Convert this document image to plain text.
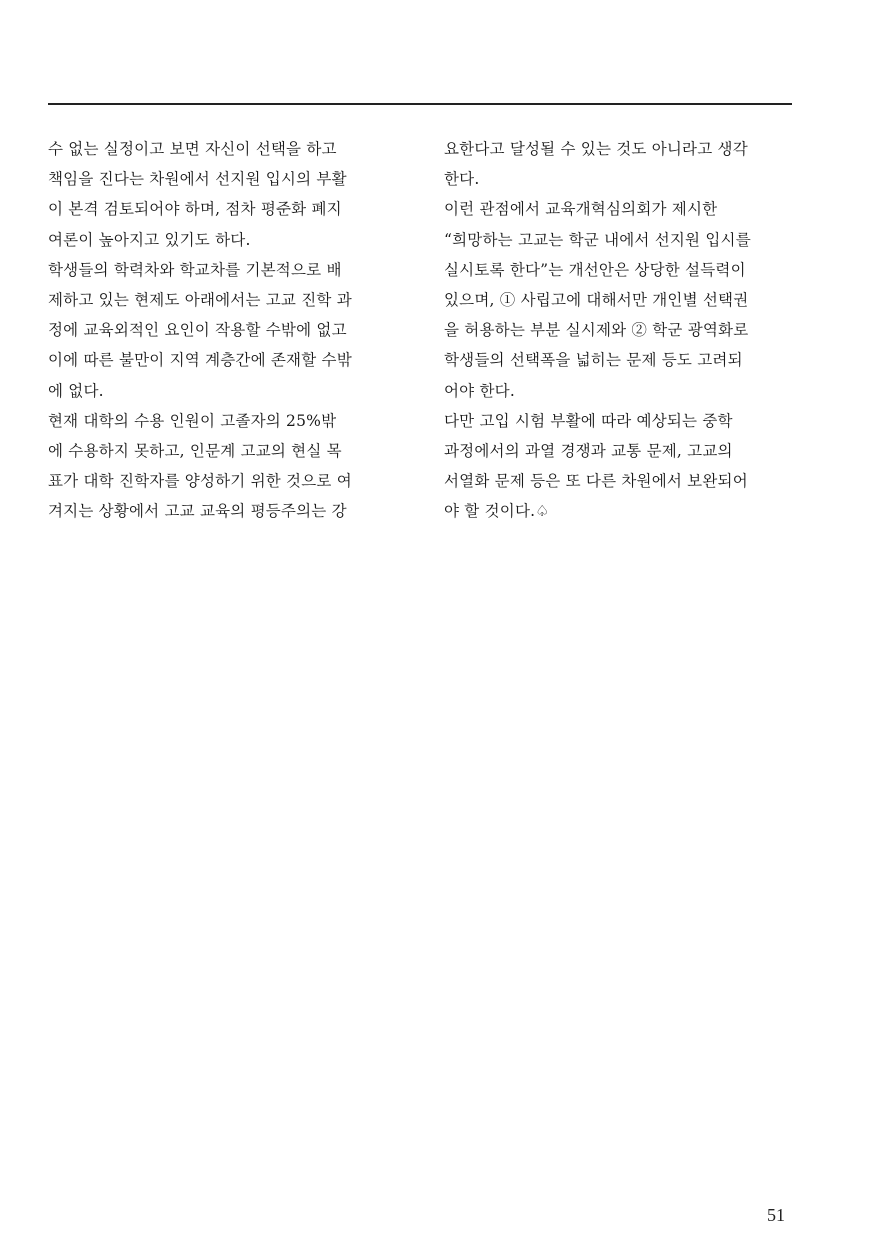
수 없는 실정이고 보면 자신이 선택을 하고
책임을 진다는 차원에서 선지원 입시의 부활
이 본격 검토되어야 하며, 점차 평준화 폐지
여론이 높아지고 있기도 하다.

학생들의 학력차와 학교차를 기본적으로 배
제하고 있는 현제도 아래에서는 고교 진학 과
정에 교육외적인 요인이 작용할 수밖에 없고
이에 따른 불만이 지역 계층간에 존재할 수밖
에 없다.

현재 대학의 수용 인원이 고졸자의 25%밖
에 수용하지 못하고, 인문계 고교의 현실 목
표가 대학 진학자를 양성하기 위한 것으로 여
겨지는 상황에서 고교 교육의 평등주의는 강

요한다고 달성될 수 있는 것도 아니라고 생각
한다.

이런 관점에서 교육개혁심의회가 제시한
“희망하는 고교는 학군 내에서 선지원 입시를
실시토록 한다”는 개선안은 상당한 설득력이
있으며, ① 사립고에 대해서만 개인별 선택권
을 허용하는 부분 실시제와 ② 학군 광역화로
학생들의 선택폭을 넓히는 문제 등도 고려되
어야 한다.

다만 고입 시험 부활에 따라 예상되는 중학
과정에서의 과열 경쟁과 교통 문제, 고교의
서열화 문제 등은 또 다른 차원에서 보완되어
야 할 것이다.♤

51
